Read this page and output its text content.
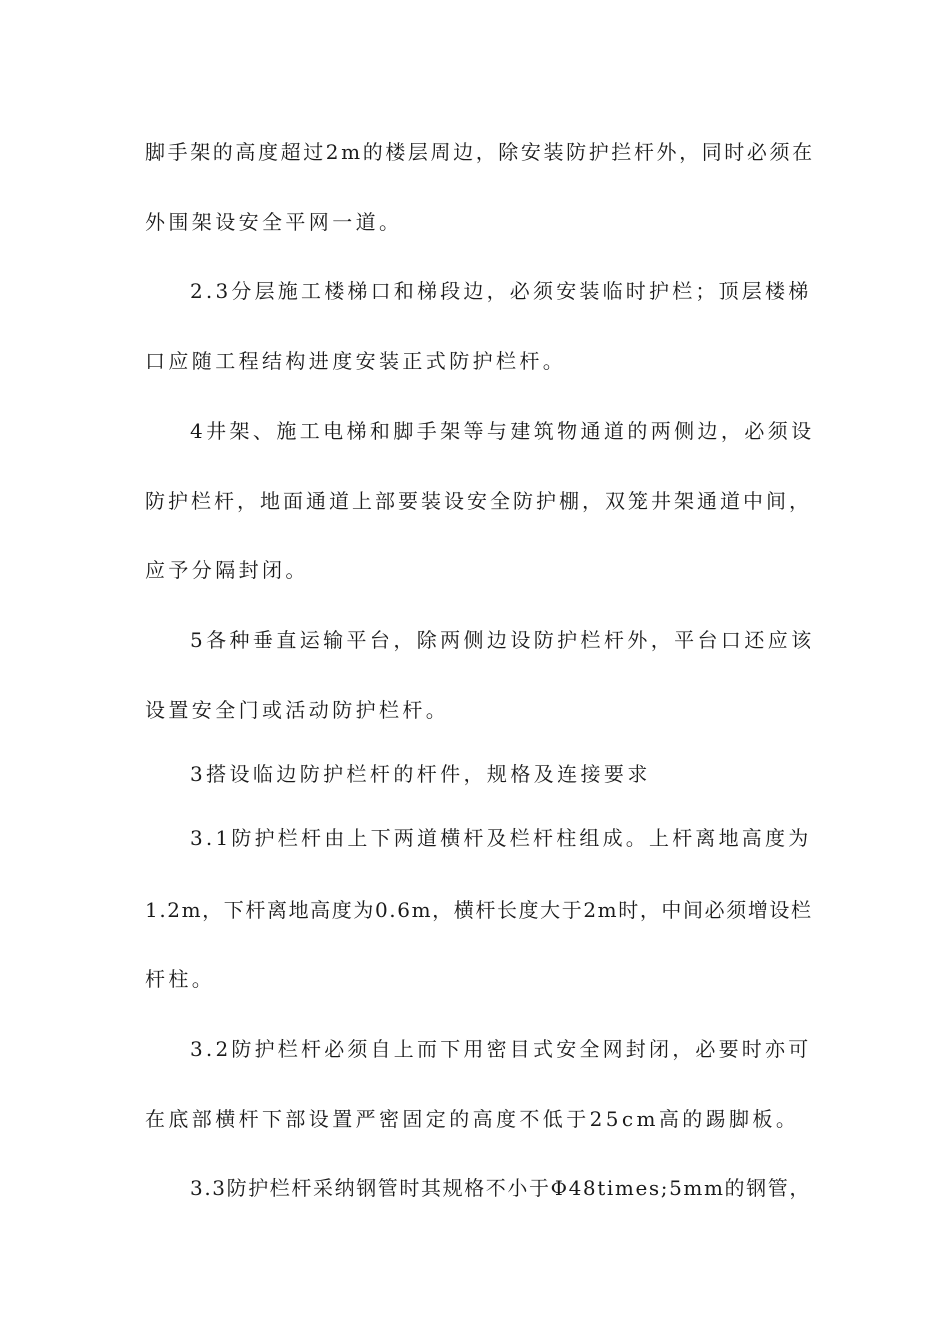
脚手架的高度超过2m的楼层周边，除安装防护拦杆外，同时必须在
外围架设安全平网一道。
2.3分层施工楼梯口和梯段边，必须安装临时护栏；顶层楼梯
口应随工程结构进度安装正式防护栏杆。
4井架、施工电梯和脚手架等与建筑物通道的两侧边，必须设
防护栏杆，地面通道上部要装设安全防护棚，双笼井架通道中间，
应予分隔封闭。
5各种垂直运输平台，除两侧边设防护栏杆外，平台口还应该
设置安全门或活动防护栏杆。
3搭设临边防护栏杆的杆件，规格及连接要求
3.1防护栏杆由上下两道横杆及栏杆柱组成。上杆离地高度为
1.2m，下杆离地高度为0.6m，横杆长度大于2m时，中间必须增设栏
杆柱。
3.2防护栏杆必须自上而下用密目式安全网封闭，必要时亦可
在底部横杆下部设置严密固定的高度不低于25cm高的踢脚板。
3.3防护栏杆采纳钢管时其规格不小于Φ48times;5mm的钢管，
